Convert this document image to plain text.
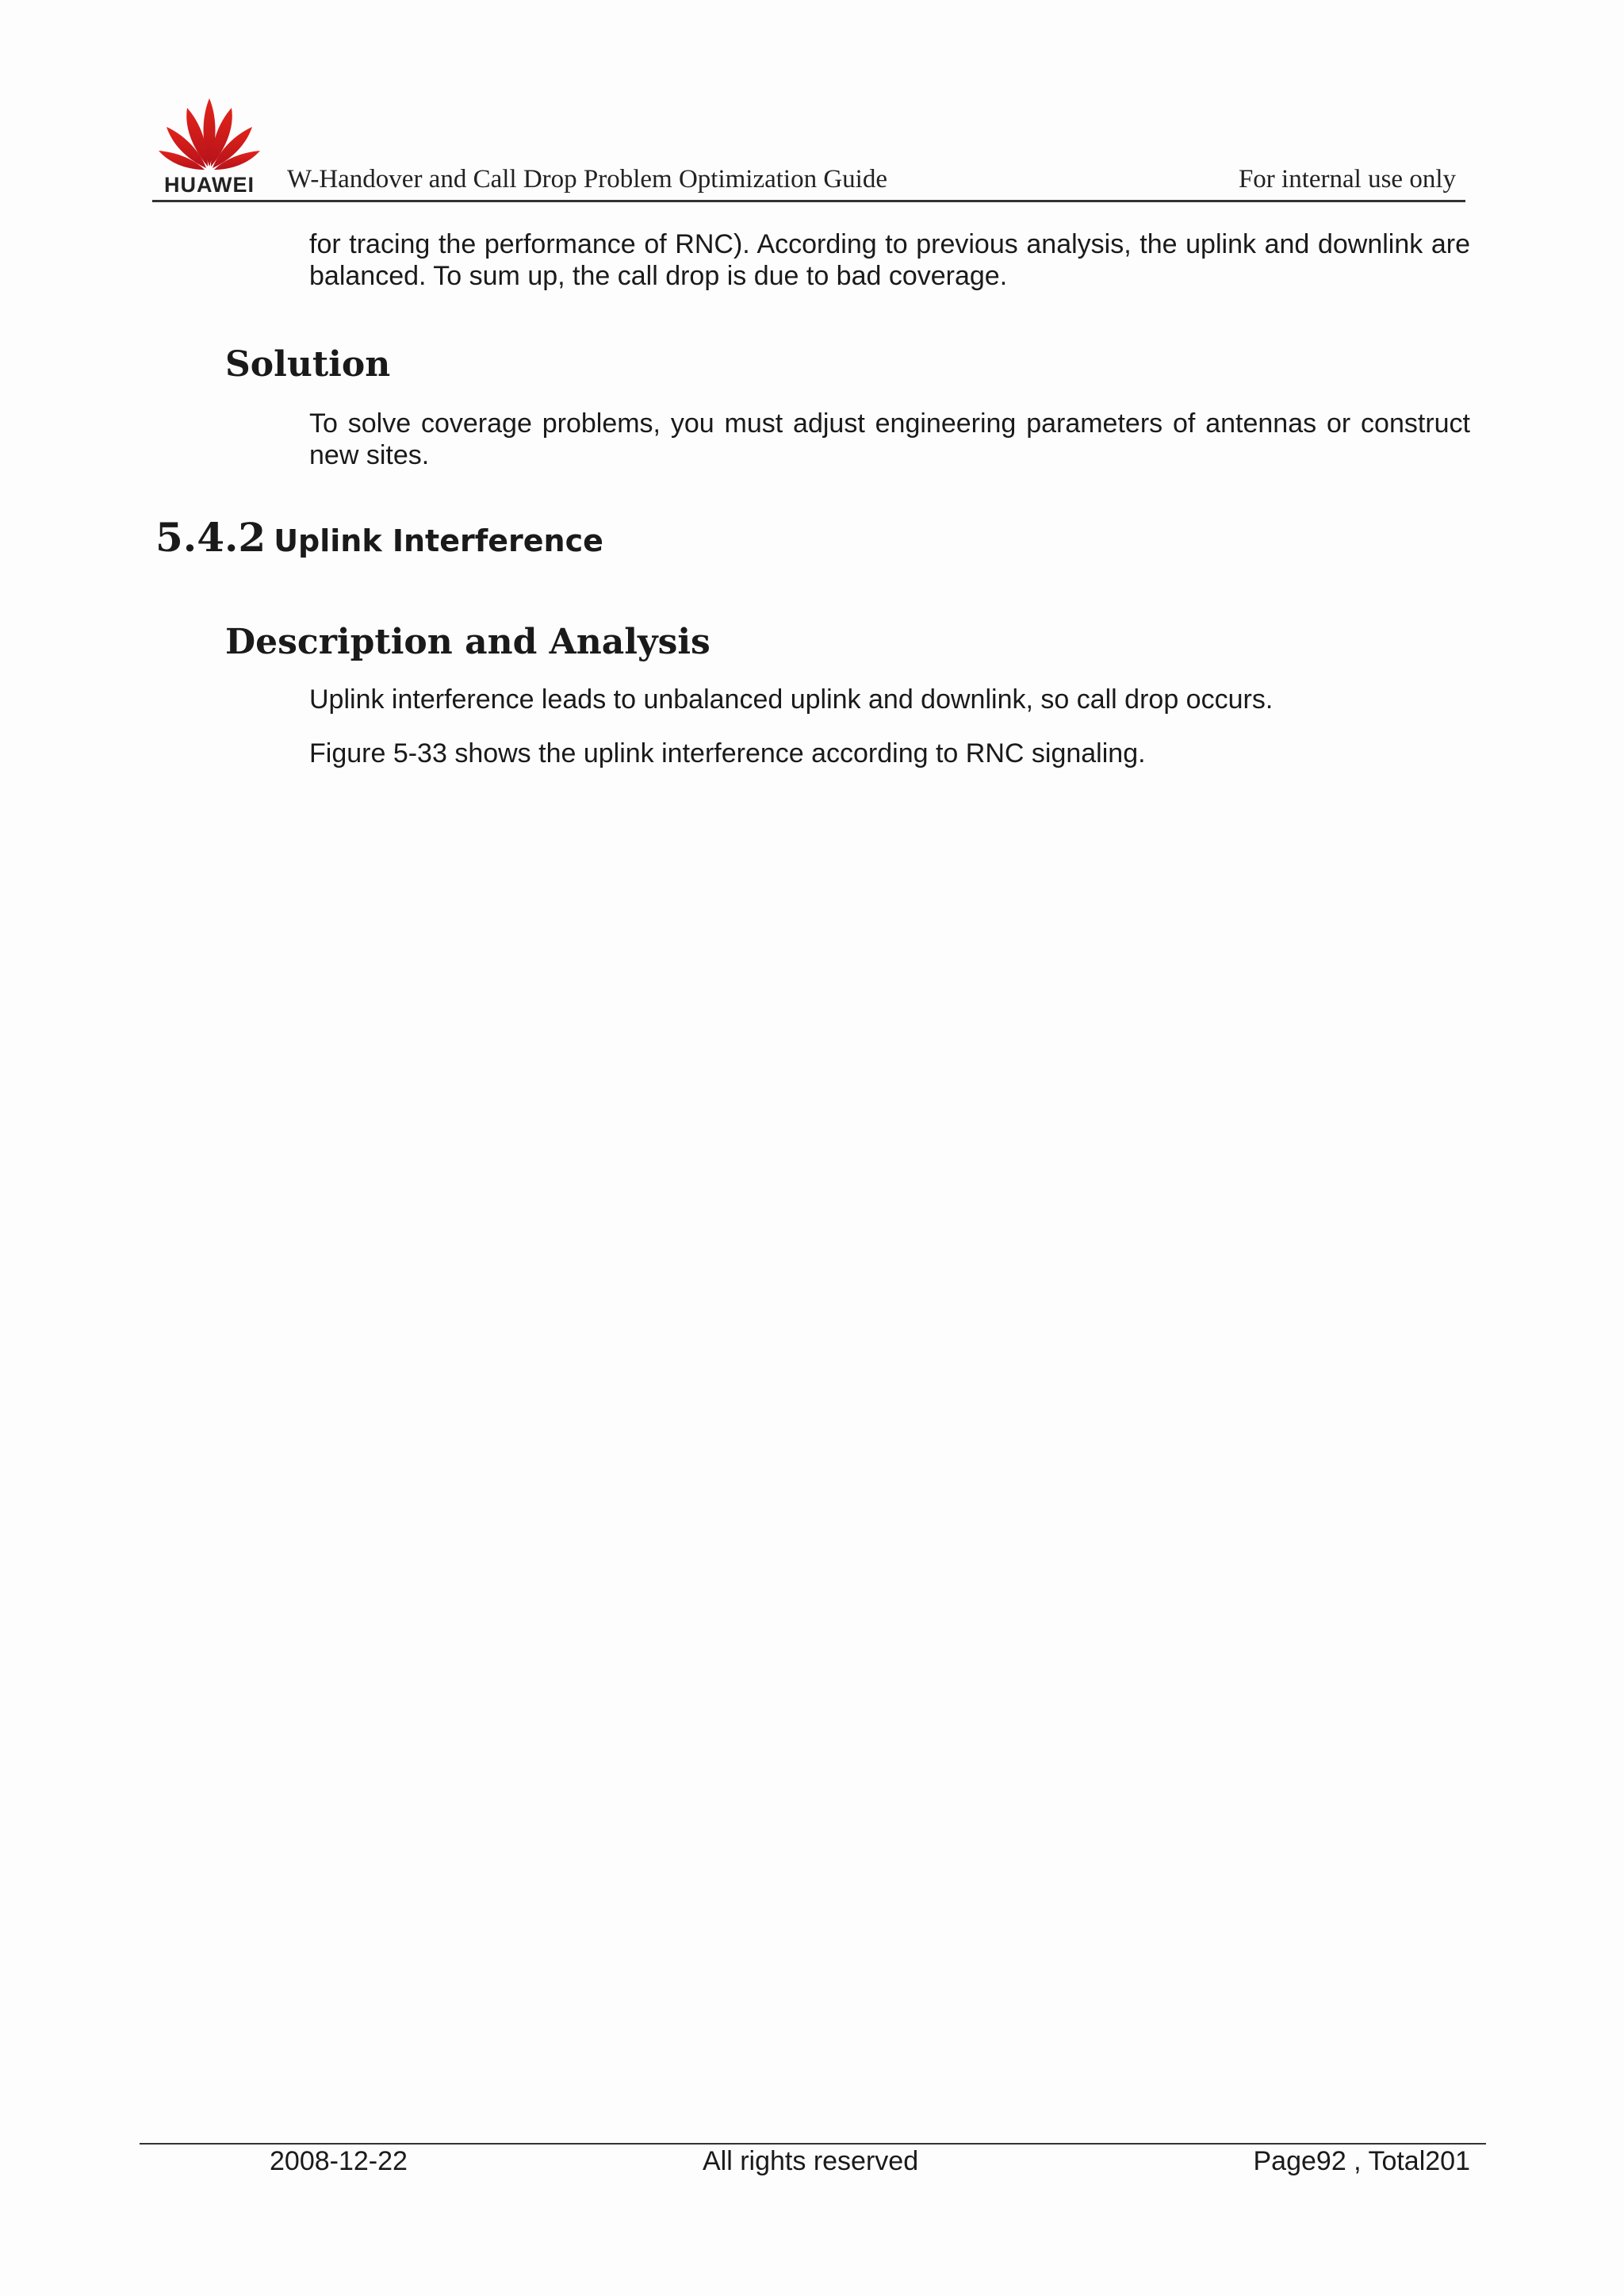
HUAWEI	W-Handover and Call Drop Problem Optimization Guide	For internal use only

for tracing the performance of RNC). According to previous analysis, the uplink and downlink are balanced. To sum up, the call drop is due to bad coverage.

Solution

To solve coverage problems, you must adjust engineering parameters of antennas or construct new sites.

5.4.2 Uplink Interference
Description and Analysis

Uplink interference leads to unbalanced uplink and downlink, so call drop occurs.

Figure 5-33 shows the uplink interference according to RNC signaling.

2008-12-22	All rights reserved	Page92 , Total201
